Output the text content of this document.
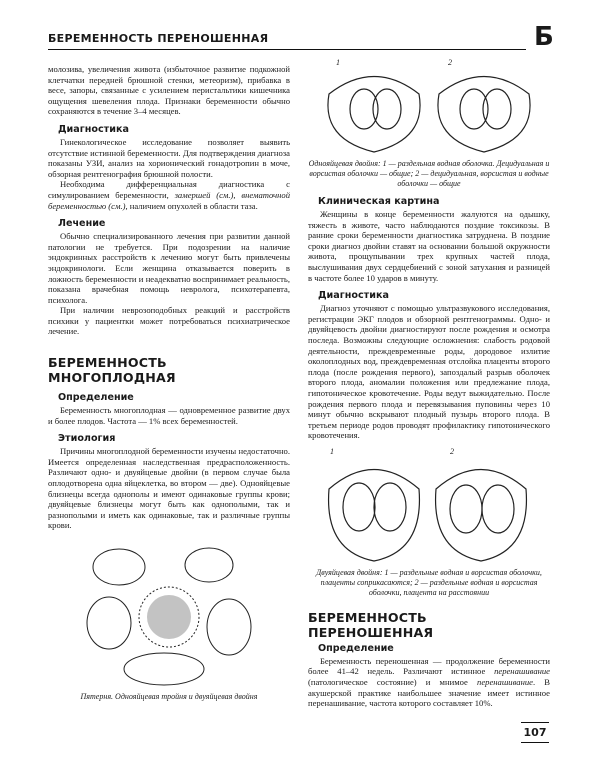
БЕРЕМЕННОСТЬ ПЕРЕНОШЕННАЯ	Б

молозива, увеличения живота (избыточное развитие подкожной клетчатки передней брюшной стенки, метеоризм), прибавка в весе, запоры, связанные с усилением перистальтики кишечника ощущения шевеления плода. Признаки беременности обычно сохраняются в течение 3–4 месяцев.

Диагностика

Гинекологическое исследование позволяет выявить отсутствие истинной беременности. Для подтверждения диагноза показаны УЗИ, анализ на хорионический гонадотропин в моче, обзорная рентгенография брюшной полости.

Необходима дифференциальная диагностика с симулированием беременности, замершей (см.), внематочной беременностью (см.), наличием опухолей в области таза.

Лечение

Обычно специализированного лечения при развитии данной патологии не требуется. При подозрении на наличие эндокринных расстройств к лечению могут быть привлечены эндокринологи. Если женщина отказывается поверить в ложность беременности и неадекватно воспринимает реальность, показана врачебная помощь невролога, психотерапевта, психолога.

При наличии неврозоподобных реакций и расстройств психики у пациентки может потребоваться психиатрическое лечение.

БЕРЕМЕННОСТЬ МНОГОПЛОДНАЯ
Определение

Беременность многоплодная — одновременное развитие двух и более плодов. Частота — 1% всех беременностей.

Этиология

Причины многоплодной беременности изучены недостаточно. Имеется определенная наследственная предрасположенность. Различают одно- и двуяйцевые двойни (в первом случае была оплодотворена одна яйцеклетка, во втором — две). Однояйцевые близнецы всегда однополы и имеют одинаковые группы крови; двуяйцевые близнецы могут быть как однополыми, так и разнополыми и иметь как одинаковые, так и различные группы крови.

Пятерня. Однояйцевая тройня и двуяйцевая двойня
1	2
Однояйцевая двойня: 1 — раздельная водная оболочка. Децидуальная и ворсистая оболочки — общие; 2 — децидуальная, ворсистая и водные оболочки — общие
Клиническая картина

Женщины в конце беременности жалуются на одышку, тяжесть в животе, часто наблюдаются поздние токсикозы. В ранние сроки беременности диагностика затруднена. В поздние сроки диагноз двойни ставят на основании большой окружности живота, прощупывании трех крупных частей плода, выслушивания двух сердцебиений с зоной затухания и разницей в частоте более 10 ударов в минуту.

Диагностика

Диагноз уточняют с помощью ультразвукового исследования, регистрации ЭКГ плодов и обзорной рентгенограммы. Одно- и двуяйцевость двойни диагностируют после рождения и осмотра последа. Возможны следующие осложнения: слабость родовой деятельности, преждевременные роды, дородовое излитие околоплодных вод, преждевременная отслойка плаценты второго плода (после рождения первого), запоздалый разрыв оболочек второго плода, аномалии положения или предлежание плода, гипотоническое кровотечение. Роды ведут выжидательно. После рождения первого плода и перевязывания пуповины через 10 минут обычно вскрывают плодный пузырь второго плода. В третьем периоде родов проводят профилактику гипотонического кровотечения.

1	2
Двуяйцевая двойня: 1 — раздельные водная и ворсистая оболочки, плаценты соприкасаются; 2 — раздельные водная и ворсистая оболочки, плацента на расстоянии
БЕРЕМЕННОСТЬ ПЕРЕНОШЕННАЯ
Определение

Беременность переношенная — продолжение беременности более 41–42 недель. Различают истинное перенашивание (патологическое состояние) и мнимое перенашивание. В акушерской практике наибольшее значение имеет истинное перенашивание, частота которого составляет 10%.

107
